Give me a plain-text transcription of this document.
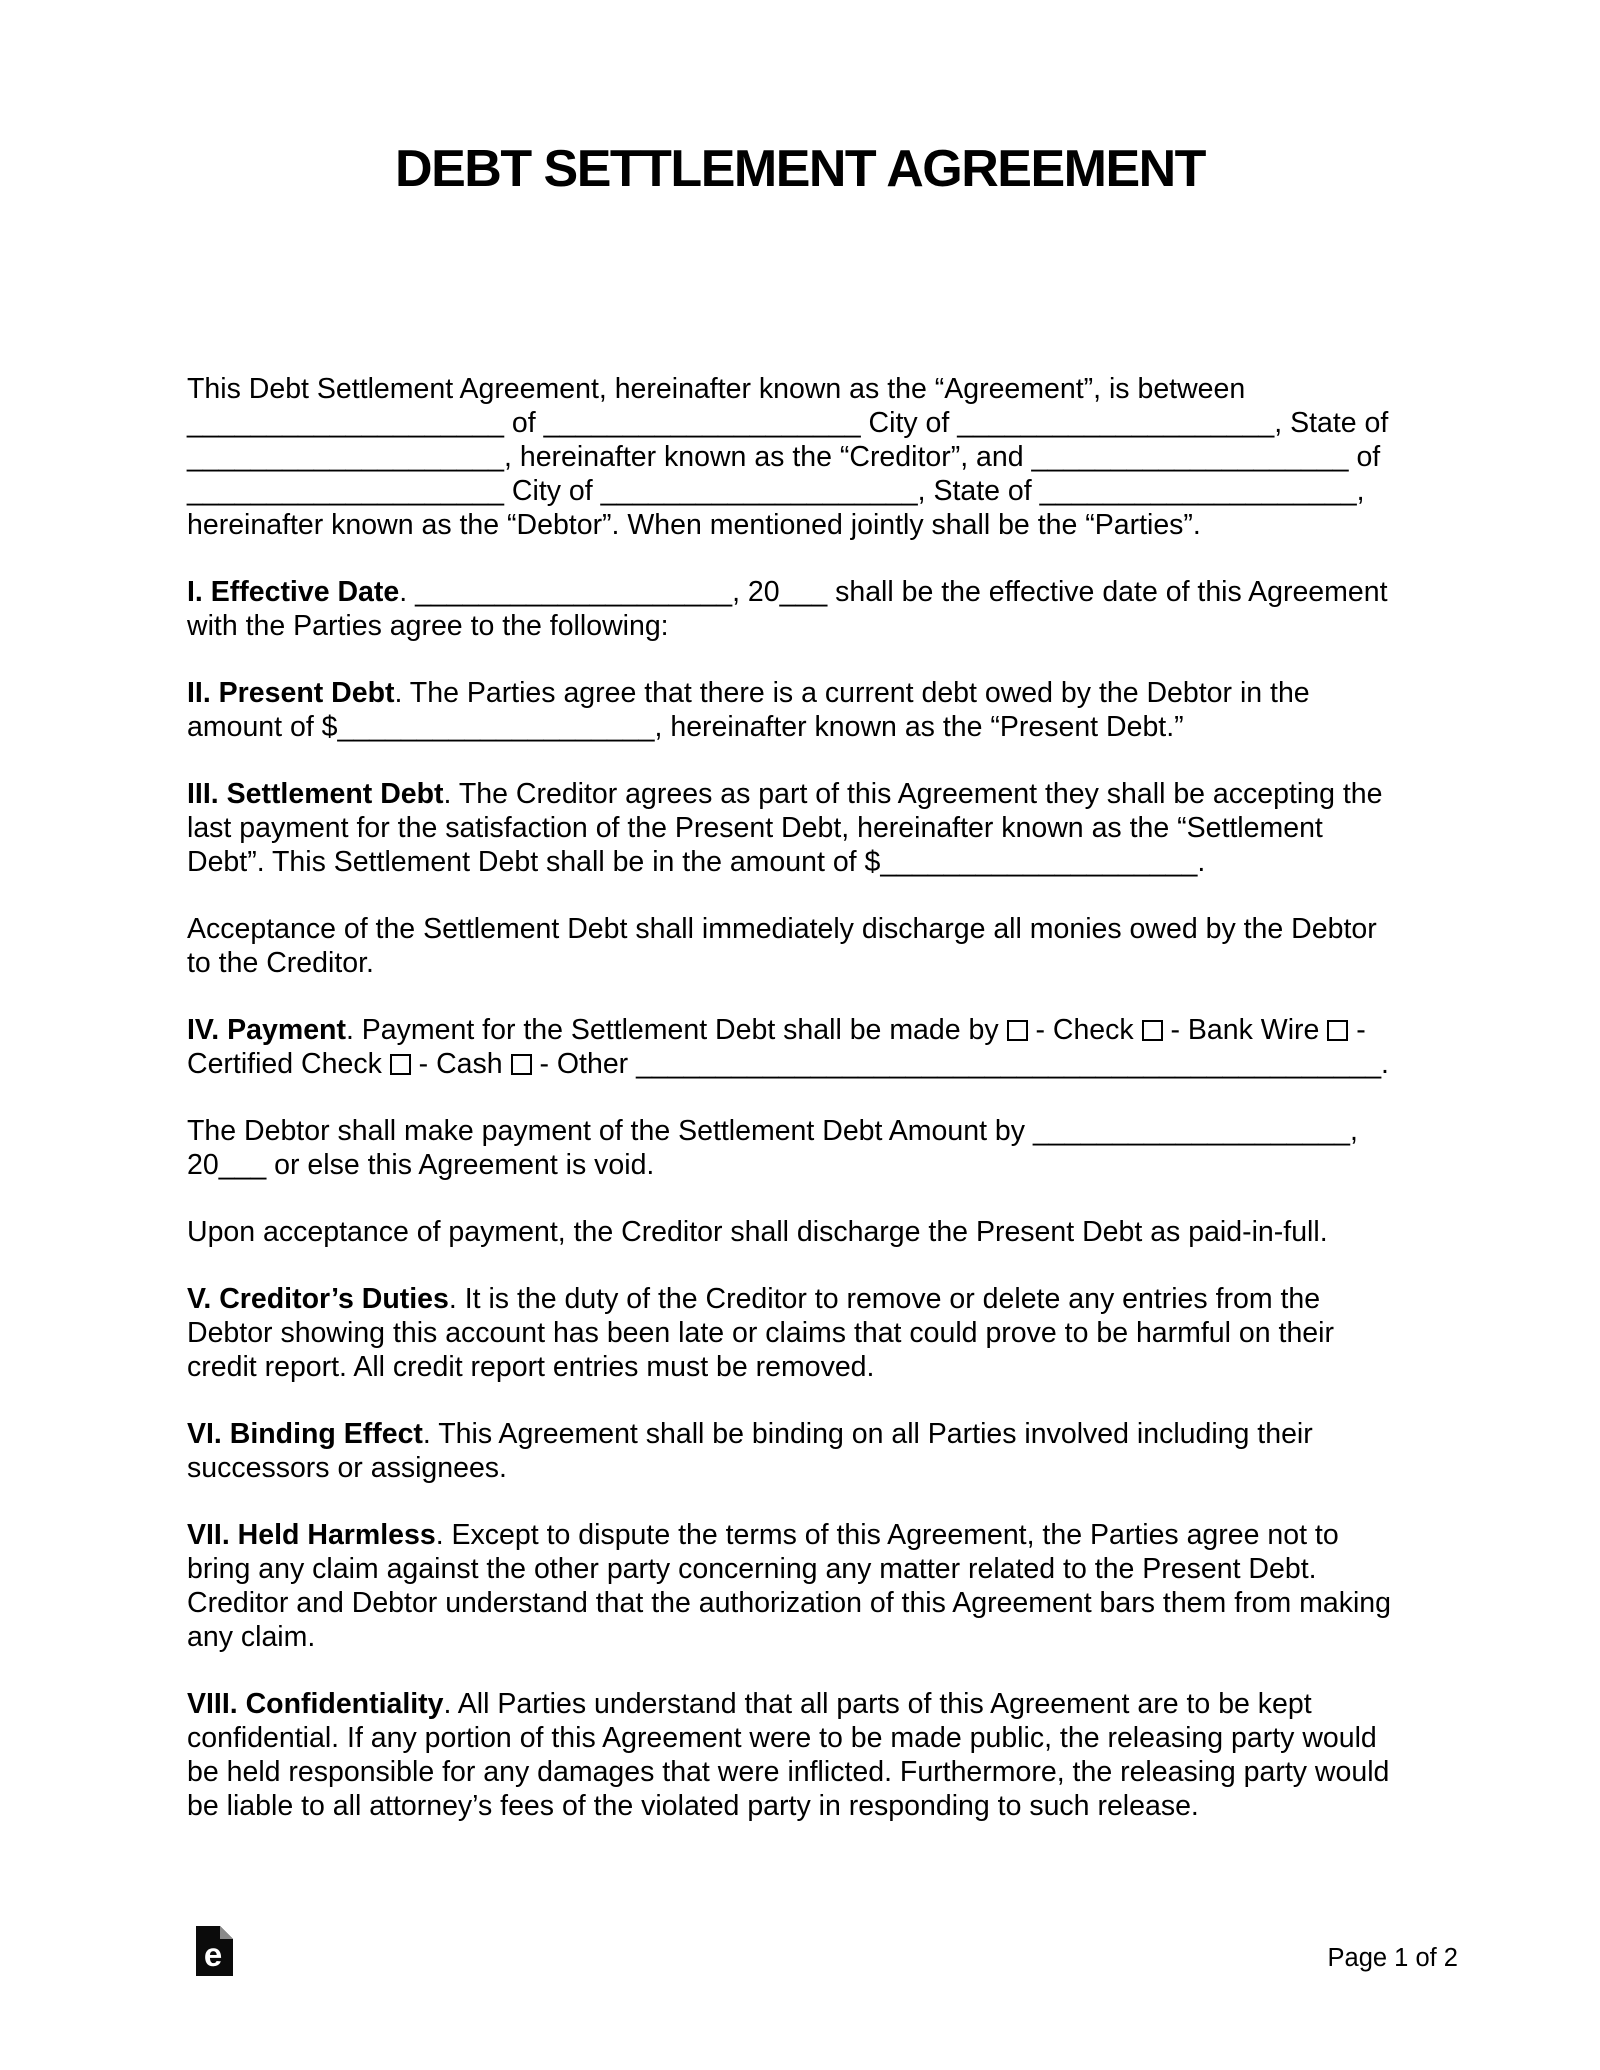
DEBT SETTLEMENT AGREEMENT

This Debt Settlement Agreement, hereinafter known as the “Agreement”, is between ____________________ of ____________________ City of ____________________, State of ____________________, hereinafter known as the “Creditor”, and ____________________ of ____________________ City of ____________________, State of ____________________, hereinafter known as the “Debtor”. When mentioned jointly shall be the “Parties”.

I. Effective Date. ____________________, 20___ shall be the effective date of this Agreement with the Parties agree to the following:

II. Present Debt. The Parties agree that there is a current debt owed by the Debtor in the amount of $____________________, hereinafter known as the “Present Debt.”

III. Settlement Debt. The Creditor agrees as part of this Agreement they shall be accepting the last payment for the satisfaction of the Present Debt, hereinafter known as the “Settlement Debt”. This Settlement Debt shall be in the amount of $____________________.

Acceptance of the Settlement Debt shall immediately discharge all monies owed by the Debtor to the Creditor.

IV. Payment. Payment for the Settlement Debt shall be made by  - Check - Bank Wire - Certified Check - Cash - Other _______________________________________________.

The Debtor shall make payment of the Settlement Debt Amount by ____________________, 20___ or else this Agreement is void.

Upon acceptance of payment, the Creditor shall discharge the Present Debt as paid-in-full.

V. Creditor’s Duties. It is the duty of the Creditor to remove or delete any entries from the Debtor showing this account has been late or claims that could prove to be harmful on their credit report. All credit report entries must be removed.

VI. Binding Effect. This Agreement shall be binding on all Parties involved including their successors or assignees.

VII. Held Harmless. Except to dispute the terms of this Agreement, the Parties agree not to bring any claim against the other party concerning any matter related to the Present Debt. Creditor and Debtor understand that the authorization of this Agreement bars them from making any claim.

VIII. Confidentiality. All Parties understand that all parts of this Agreement are to be kept confidential. If any portion of this Agreement were to be made public, the releasing party would be held responsible for any damages that were inflicted. Furthermore, the releasing party would be liable to all attorney’s fees of the violated party in responding to such release.

e	Page 1 of 2
